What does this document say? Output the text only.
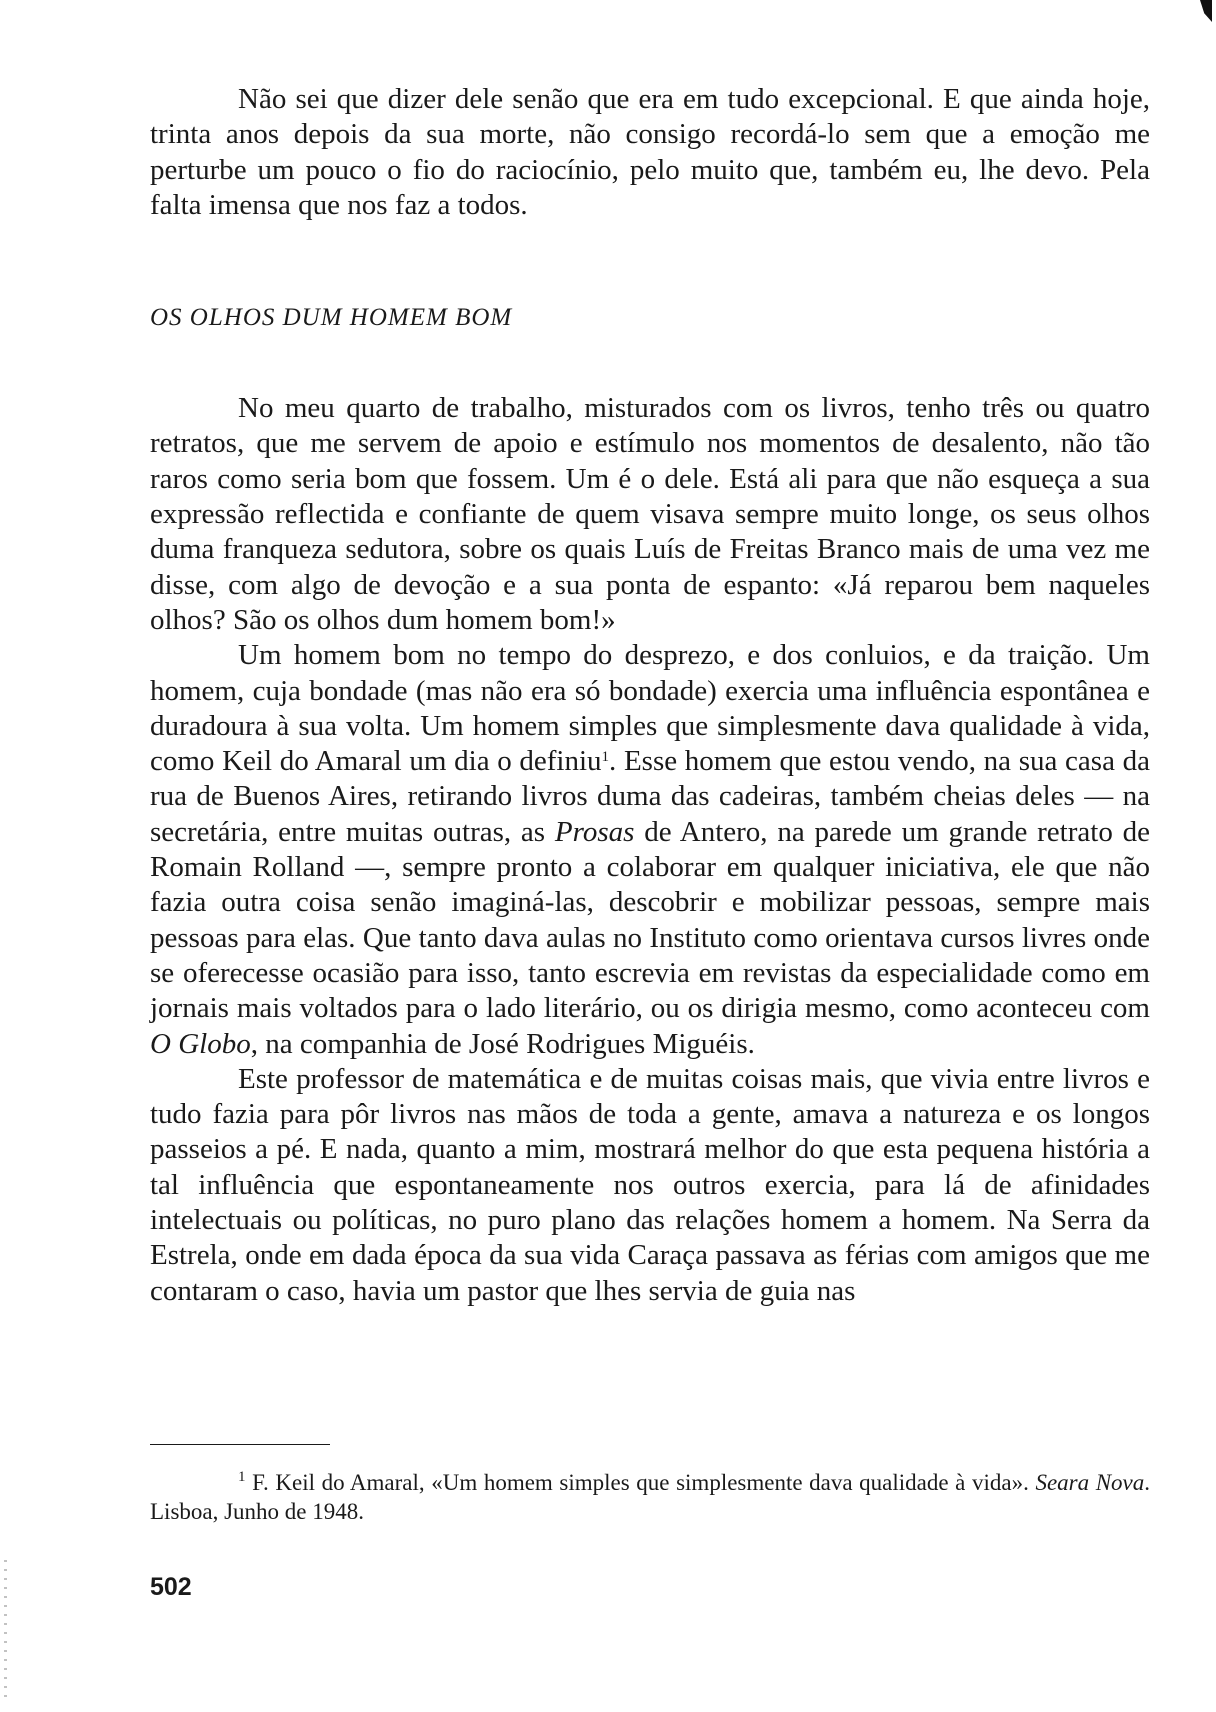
Não sei que dizer dele senão que era em tudo excepcional. E que ainda hoje, trinta anos depois da sua morte, não consigo recordá-lo sem que a emoção me perturbe um pouco o fio do raciocínio, pelo muito que, também eu, lhe devo. Pela falta imensa que nos faz a todos.

OS OLHOS DUM HOMEM BOM

No meu quarto de trabalho, misturados com os livros, tenho três ou quatro retratos, que me servem de apoio e estímulo nos momentos de desalento, não tão raros como seria bom que fossem. Um é o dele. Está ali para que não esqueça a sua expressão reflectida e confiante de quem visava sempre muito longe, os seus olhos duma franqueza sedutora, sobre os quais Luís de Freitas Branco mais de uma vez me disse, com algo de devoção e a sua ponta de espanto: «Já reparou bem naqueles olhos? São os olhos dum homem bom!»

Um homem bom no tempo do desprezo, e dos conluios, e da traição. Um homem, cuja bondade (mas não era só bondade) exercia uma influência espontânea e duradoura à sua volta. Um homem simples que simplesmente dava qualidade à vida, como Keil do Amaral um dia o definiu$^1$. Esse homem que estou vendo, na sua casa da rua de Buenos Aires, retirando livros duma das cadeiras, também cheias deles — na secretária, entre muitas outras, as Prosas de Antero, na parede um grande retrato de Romain Rolland —, sempre pronto a colaborar em qualquer iniciativa, ele que não fazia outra coisa senão imaginá-las, descobrir e mobilizar pessoas, sempre mais pessoas para elas. Que tanto dava aulas no Instituto como orientava cursos livres onde se oferecesse ocasião para isso, tanto escrevia em revistas da especialidade como em jornais mais voltados para o lado literário, ou os dirigia mesmo, como aconteceu com O Globo, na companhia de José Rodrigues Miguéis.

Este professor de matemática e de muitas coisas mais, que vivia entre livros e tudo fazia para pôr livros nas mãos de toda a gente, amava a natureza e os longos passeios a pé. E nada, quanto a mim, mostrará melhor do que esta pequena história a tal influência que espontaneamente nos outros exercia, para lá de afinidades intelectuais ou políticas, no puro plano das relações homem a homem. Na Serra da Estrela, onde em dada época da sua vida Caraça passava as férias com amigos que me contaram o caso, havia um pastor que lhes servia de guia nas

$^1$ F. Keil do Amaral, «Um homem simples que simplesmente dava qualidade à vida». Seara Nova. Lisboa, Junho de 1948.
502
